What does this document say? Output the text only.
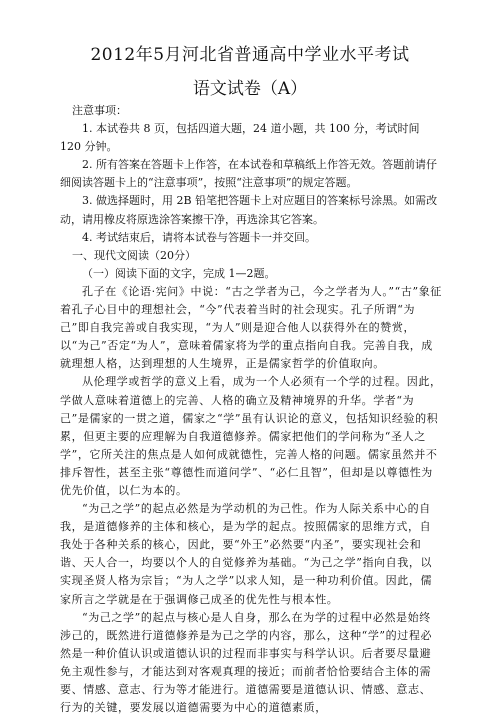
2012年5月河北省普通高中学业水平考试
语文试卷（A）

注意事项：

1. 本试卷共 8 页，包括四道大题，24 道小题，共 100 分，考试时间 120 分钟。

2. 所有答案在答题卡上作答，在本试卷和草稿纸上作答无效。答题前请仔细阅读答题卡上的“注意事项”，按照“注意事项”的规定答题。

3. 做选择题时，用 2B 铅笔把答题卡上对应题目的答案标号涂黑。如需改动，请用橡皮将原选涂答案擦干净，再选涂其它答案。

4. 考试结束后，请将本试卷与答题卡一并交回。

一、现代文阅读（20分）

（一）阅读下面的文字，完成 1—2题。

孔子在《论语·宪问》中说：“古之学者为己，今之学者为人。”“古”象征着孔子心目中的理想社会，“今”代表着当时的社会现实。孔子所谓“为己”即自我完善或自我实现，“为人”则是迎合他人以获得外在的赞赏，以“为己”否定“为人”，意味着儒家将为学的重点指向自我。完善自我，成就理想人格，达到理想的人生境界，正是儒家哲学的价值取向。

从伦理学或哲学的意义上看，成为一个人必须有一个学的过程。因此，学做人意味着道德上的完善、人格的确立及精神境界的升华。学者“为己”是儒家的一贯之道，儒家之“学”虽有认识论的意义，包括知识经验的积累，但更主要的应理解为自我道德修养。儒家把他们的学问称为“圣人之学”，它所关注的焦点是人如何成就德性，完善人格的问题。儒家虽然并不排斥智性，甚至主张“尊德性而道问学”、“必仁且智”，但却是以尊德性为优先价值，以仁为本的。

“为己之学”的起点必然是为学动机的为己性。作为人际关系中心的自我，是道德修养的主体和核心，是为学的起点。按照儒家的思维方式，自我处于各种关系的核心，因此，要“外王”必然要“内圣”，要实现社会和谐、天人合一，均要以个人的自觉修养为基础。“为己之学”指向自我，以实现圣贤人格为宗旨；“为人之学”以求人知，是一种功利价值。因此，儒家所言之学就是在于强调修己成圣的优先性与根本性。

“为己之学”的起点与核心是人自身，那么在为学的过程中必然是始终涉己的，既然进行道德修养是为己之学的内容，那么，这种“学”的过程必然是一种价值认识或道德认识的过程而非事实与科学认识。后者要尽量避免主观性参与，才能达到对客观真理的接近；而前者恰恰要结合主体的需要、情感、意志、行为等才能进行。道德需要是道德认识、情感、意志、行为的关键，要发展以道德需要为中心的道德素质，
